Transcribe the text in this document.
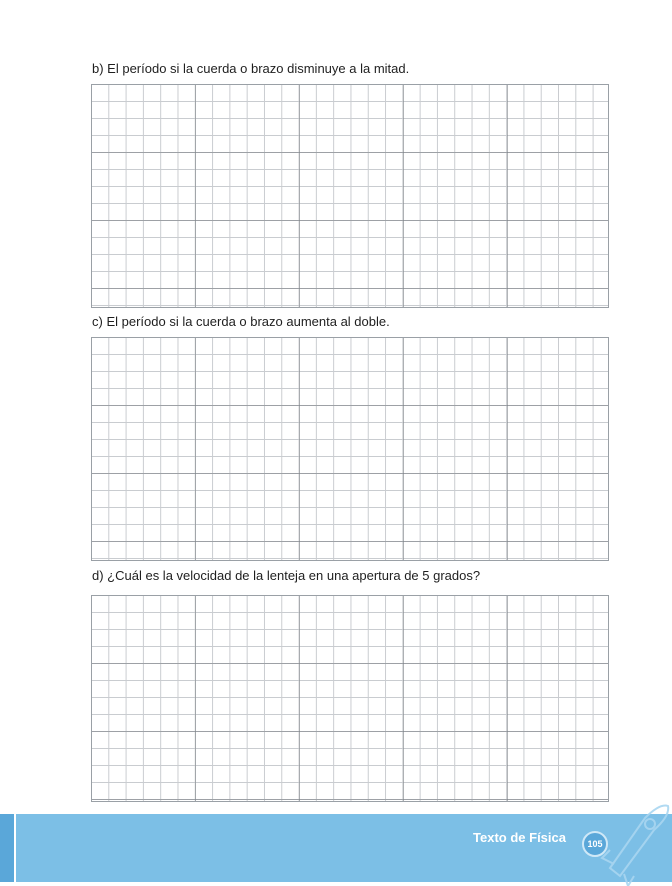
b) El período si la cuerda o brazo disminuye a la mitad.
c) El período si la cuerda o brazo aumenta al doble.
d) ¿Cuál es la velocidad de la lenteja en una apertura de 5 grados?
Texto de Física	105
